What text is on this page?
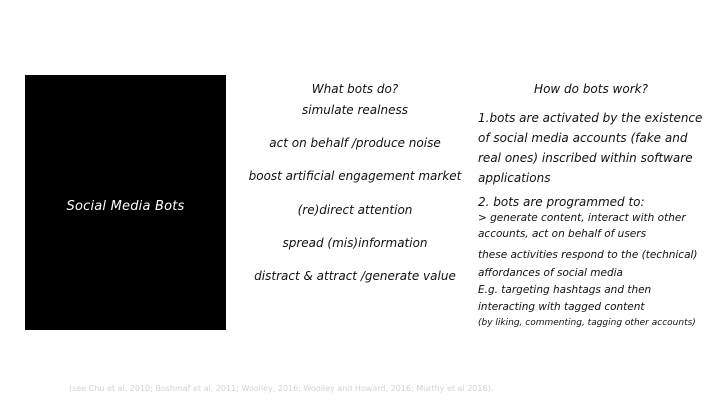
Social Media Bots
What bots do?
simulate realness
act on behalf /produce noise
boost artificial engagement market
(re)direct attention
spread (mis)information
distract & attract /generate value
How do bots work?

1.bots are activated by the existence of social media accounts (fake and real ones) inscribed within software applications

2. bots are programmed to:

> generate content, interact with other accounts, act on behalf of users

these activities respond to the (technical) affordances of social media

E.g. targeting hashtags and then interacting with tagged content

(by liking, commenting, tagging other accounts)

(see Chu et al. 2010; Boshmaf et al. 2011; Woolley, 2016; Woolley and Howard, 2016; Murthy et al 2016).
